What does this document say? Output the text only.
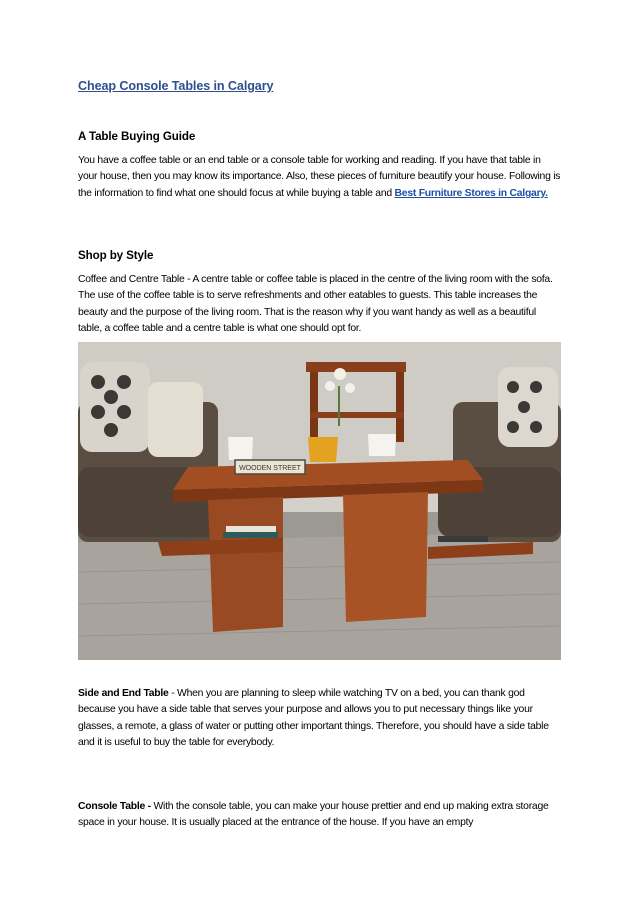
Cheap Console Tables in Calgary
A Table Buying Guide

You have a coffee table or an end table or a console table for working and reading. If you have that table in your house, then you may know its importance. Also, these pieces of furniture beautify your house. Following is the information to find what one should focus at while buying a table and Best Furniture Stores in Calgary.

Shop by Style

Coffee and Centre Table - A centre table or coffee table is placed in the centre of the living room with the sofa. The use of the coffee table is to serve refreshments and other eatables to guests. This table increases the beauty and the purpose of the living room. That is the reason why if you want handy as well as a beautiful table, a coffee table and a centre table is what one should opt for.

WOODEN STREET

Side and End Table - When you are planning to sleep while watching TV on a bed, you can thank god because you have a side table that serves your purpose and allows you to put necessary things like your glasses, a remote, a glass of water or putting other important things. Therefore, you should have a side table and it is useful to buy the table for everybody.

Console Table - With the console table, you can make your house prettier and end up making extra storage space in your house. It is usually placed at the entrance of the house. If you have an empty
